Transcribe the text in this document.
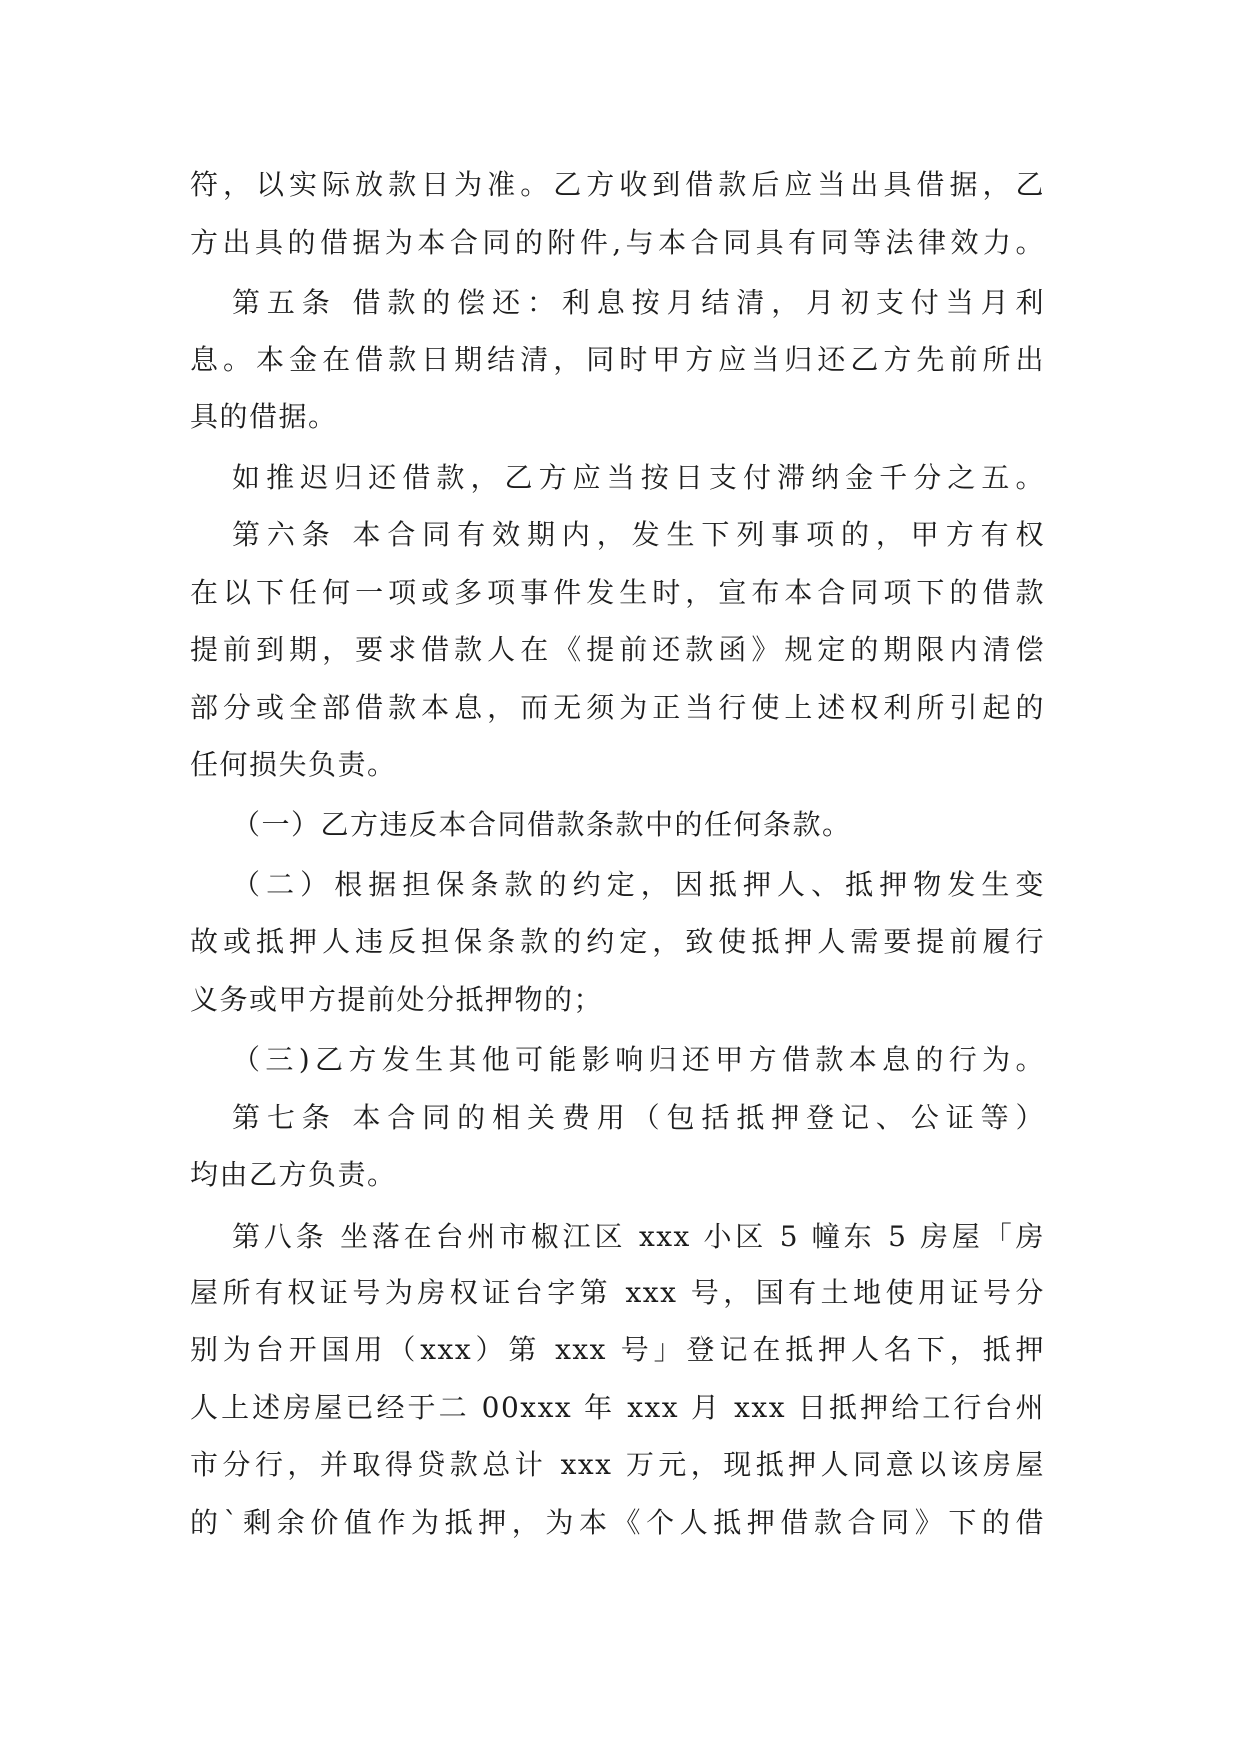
符，以实际放款日为准。乙方收到借款后应当出具借据，乙
方出具的借据为本合同的附件,与本合同具有同等法律效力。
第五条 借款的偿还：利息按月结清，月初支付当月利
息。本金在借款日期结清，同时甲方应当归还乙方先前所出
具的借据。
如推迟归还借款，乙方应当按日支付滞纳金千分之五。
第六条 本合同有效期内，发生下列事项的，甲方有权
在以下任何一项或多项事件发生时，宣布本合同项下的借款
提前到期，要求借款人在《提前还款函》规定的期限内清偿
部分或全部借款本息，而无须为正当行使上述权利所引起的
任何损失负责。
（一）乙方违反本合同借款条款中的任何条款。
（二）根据担保条款的约定，因抵押人、抵押物发生变
故或抵押人违反担保条款的约定，致使抵押人需要提前履行
义务或甲方提前处分抵押物的；
（三)乙方发生其他可能影响归还甲方借款本息的行为。
第七条 本合同的相关费用（包括抵押登记、公证等）
均由乙方负责。
第八条 坐落在台州市椒江区 xxx 小区 5 幢东 5 房屋「房
屋所有权证号为房权证台字第 xxx 号，国有土地使用证号分
别为台开国用（xxx）第 xxx 号」登记在抵押人名下，抵押
人上述房屋已经于二 00xxx 年 xxx 月 xxx 日抵押给工行台州
市分行，并取得贷款总计 xxx 万元，现抵押人同意以该房屋
的`剩余价值作为抵押，为本《个人抵押借款合同》下的借
